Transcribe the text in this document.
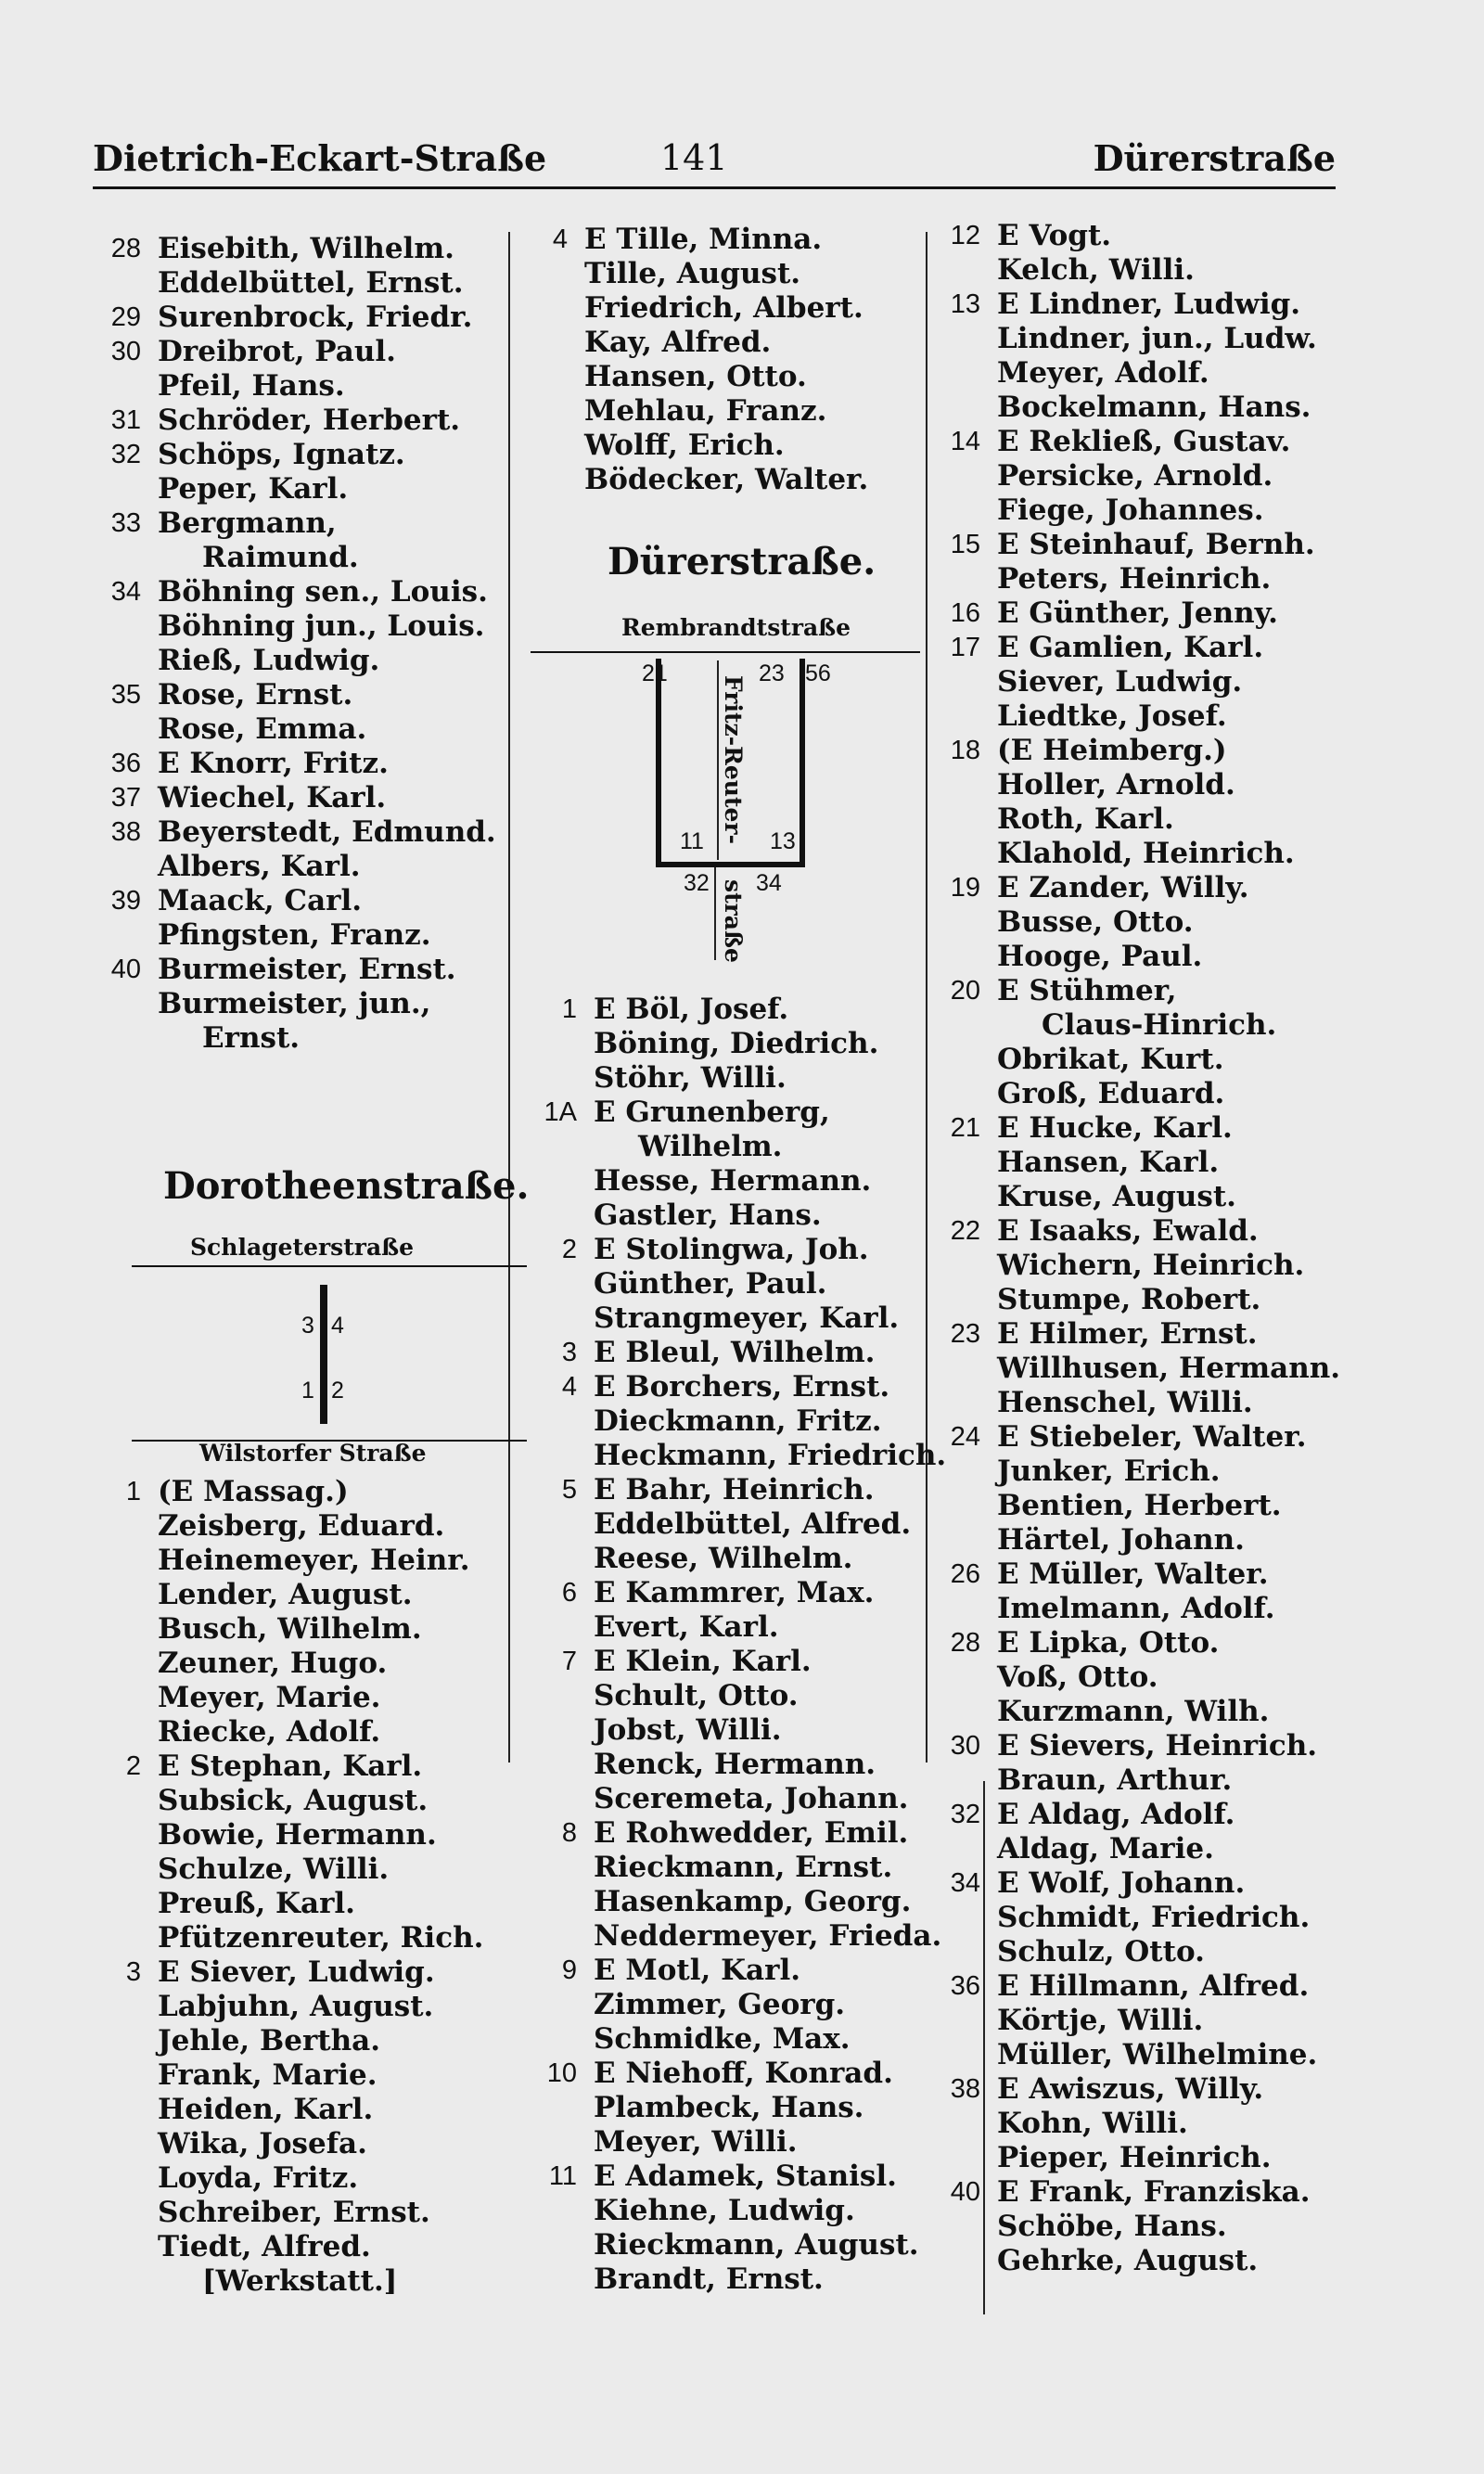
Dietrich-Eckart-Straße	141	Dürerstraße
28 Eisebith, Wilhelm.
Eddelbüttel, Ernst.
29 Surenbrock, Friedr.
30 Dreibrot, Paul.
Pfeil, Hans.
31 Schröder, Herbert.
32 Schöps, Ignatz.
Peper, Karl.
33 Bergmann,
Raimund.
34 Böhning sen., Louis.
Böhning jun., Louis.
Rieß, Ludwig.
35 Rose, Ernst.
Rose, Emma.
36 E Knorr, Fritz.
37 Wiechel, Karl.
38 Beyerstedt, Edmund.
Albers, Karl.
39 Maack, Carl.
Pfingsten, Franz.
40 Burmeister, Ernst.
Burmeister, jun.,
Ernst.
Dorotheenstraße.
Schlageterstraße
3 4
1 2
Wilstorfer Straße
1 (E Massag.)
Zeisberg, Eduard.
Heinemeyer, Heinr.
Lender, August.
Busch, Wilhelm.
Zeuner, Hugo.
Meyer, Marie.
Riecke, Adolf.
2 E Stephan, Karl.
Subsick, August.
Bowie, Hermann.
Schulze, Willi.
Preuß, Karl.
Pfützenreuter, Rich.
3 E Siever, Ludwig.
Labjuhn, August.
Jehle, Bertha.
Frank, Marie.
Heiden, Karl.
Wika, Josefa.
Loyda, Fritz.
Schreiber, Ernst.
Tiedt, Alfred.
[Werkstatt.]
4 E Tille, Minna.
Tille, August.
Friedrich, Albert.
Kay, Alfred.
Hansen, Otto.
Mehlau, Franz.
Wolff, Erich.
Bödecker, Walter.
Dürerstraße.
Rembrandtstraße
21	23 56
Fritz-Reuter-
11	13
32 34
straße
1 E Böl, Josef.
Böning, Diedrich.
Stöhr, Willi.
1A E Grunenberg,
Wilhelm.
Hesse, Hermann.
Gastler, Hans.
2 E Stolingwa, Joh.
Günther, Paul.
Strangmeyer, Karl.
3 E Bleul, Wilhelm.
4 E Borchers, Ernst.
Dieckmann, Fritz.
Heckmann, Friedrich.
5 E Bahr, Heinrich.
Eddelbüttel, Alfred.
Reese, Wilhelm.
6 E Kammrer, Max.
Evert, Karl.
7 E Klein, Karl.
Schult, Otto.
Jobst, Willi.
Renck, Hermann.
Sceremeta, Johann.
8 E Rohwedder, Emil.
Rieckmann, Ernst.
Hasenkamp, Georg.
Neddermeyer, Frieda.
9 E Motl, Karl.
Zimmer, Georg.
Schmidke, Max.
10 E Niehoff, Konrad.
Plambeck, Hans.
Meyer, Willi.
11 E Adamek, Stanisl.
Kiehne, Ludwig.
Rieckmann, August.
Brandt, Ernst.
12 E Vogt.
Kelch, Willi.
13 E Lindner, Ludwig.
Lindner, jun., Ludw.
Meyer, Adolf.
Bockelmann, Hans.
14 E Rekließ, Gustav.
Persicke, Arnold.
Fiege, Johannes.
15 E Steinhauf, Bernh.
Peters, Heinrich.
16 E Günther, Jenny.
17 E Gamlien, Karl.
Siever, Ludwig.
Liedtke, Josef.
18 (E Heimberg.)
Holler, Arnold.
Roth, Karl.
Klahold, Heinrich.
19 E Zander, Willy.
Busse, Otto.
Hooge, Paul.
20 E Stühmer,
Claus-Hinrich.
Obrikat, Kurt.
Groß, Eduard.
21 E Hucke, Karl.
Hansen, Karl.
Kruse, August.
22 E Isaaks, Ewald.
Wichern, Heinrich.
Stumpe, Robert.
23 E Hilmer, Ernst.
Willhusen, Hermann.
Henschel, Willi.
24 E Stiebeler, Walter.
Junker, Erich.
Bentien, Herbert.
Härtel, Johann.
26 E Müller, Walter.
Imelmann, Adolf.
28 E Lipka, Otto.
Voß, Otto.
Kurzmann, Wilh.
30 E Sievers, Heinrich.
Braun, Arthur.
32 E Aldag, Adolf.
Aldag, Marie.
34 E Wolf, Johann.
Schmidt, Friedrich.
Schulz, Otto.
36 E Hillmann, Alfred.
Körtje, Willi.
Müller, Wilhelmine.
38 E Awiszus, Willy.
Kohn, Willi.
Pieper, Heinrich.
40 E Frank, Franziska.
Schöbe, Hans.
Gehrke, August.
